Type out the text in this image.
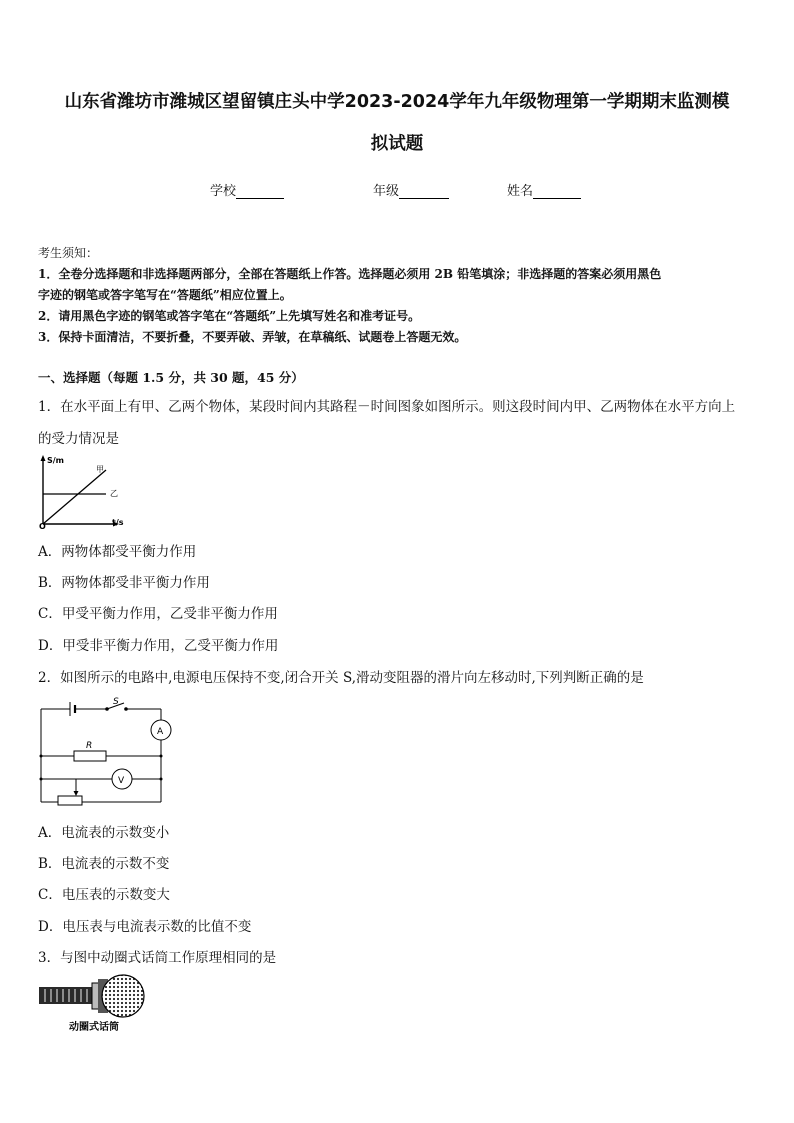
山东省潍坊市潍城区望留镇庄头中学2023-2024学年九年级物理第一学期期末监测模
拟试题
学校	年级	姓名
考生须知：
1．全卷分选择题和非选择题两部分，全部在答题纸上作答。选择题必须用 2B 铅笔填涂；非选择题的答案必须用黑色
字迹的钢笔或答字笔写在“答题纸”相应位置上。
2．请用黑色字迹的钢笔或答字笔在“答题纸”上先填写姓名和准考证号。
3．保持卡面清洁，不要折叠，不要弄破、弄皱，在草稿纸、试题卷上答题无效。
一、选择题（每题 1.5 分，共 30 题，45 分）
1．在水平面上有甲、乙两个物体，某段时间内其路程－时间图象如图所示。则这段时间内甲、乙两物体在水平方向上
的受力情况是
S/m
t/s
O
甲
乙
A．两物体都受平衡力作用
B．两物体都受非平衡力作用
C．甲受平衡力作用，乙受非平衡力作用
D．甲受非平衡力作用，乙受平衡力作用
2．如图所示的电路中,电源电压保持不变,闭合开关 S,滑动变阻器的滑片向左移动时,下列判断正确的是
S
R
A
V
A．电流表的示数变小
B．电流表的示数不变
C．电压表的示数变大
D．电压表与电流表示数的比值不变
3．与图中动圈式话筒工作原理相同的是
动圈式话筒
